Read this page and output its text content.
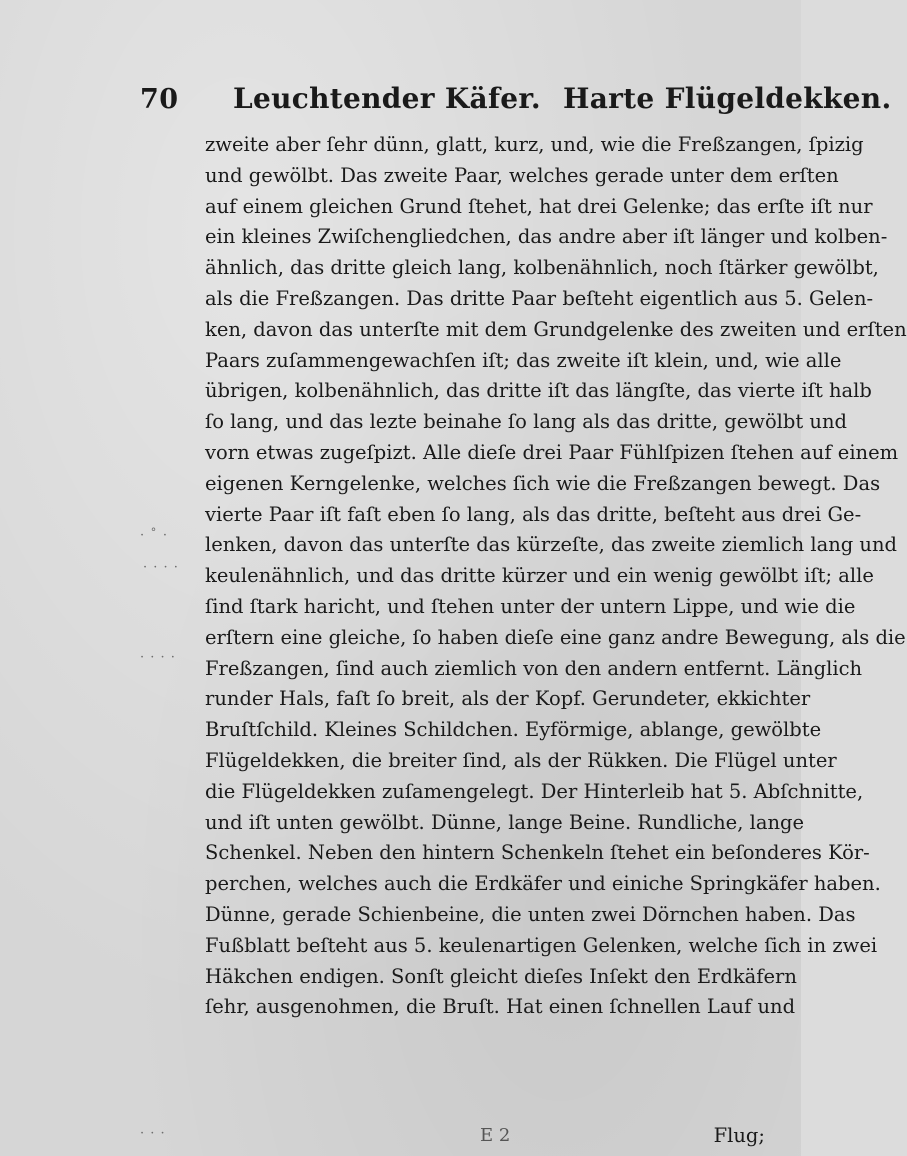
70 Leuchtender Käfer. Harte Flügeldekken.
zweite aber ſehr dünn, glatt, kurz, und, wie die Freßzangen, ſpizig
und gewölbt. Das zweite Paar, welches gerade unter dem erſten
auf einem gleichen Grund ſtehet, hat drei Gelenke; das erſte iſt nur
ein kleines Zwiſchengliedchen, das andre aber iſt länger und kolben-
ähnlich, das dritte gleich lang, kolbenähnlich, noch ſtärker gewölbt,
als die Freßzangen. Das dritte Paar beſteht eigentlich aus 5. Gelen-
ken, davon das unterſte mit dem Grundgelenke des zweiten und erſten
Paars zuſammengewachſen iſt; das zweite iſt klein, und, wie alle
übrigen, kolbenähnlich, das dritte iſt das längſte, das vierte iſt halb
ſo lang, und das lezte beinahe ſo lang als das dritte, gewölbt und
vorn etwas zugeſpizt. Alle dieſe drei Paar Fühlſpizen ſtehen auf einem
eigenen Kerngelenke, welches ſich wie die Freßzangen bewegt. Das
vierte Paar iſt faſt eben ſo lang, als das dritte, beſteht aus drei Ge-
lenken, davon das unterſte das kürzeſte, das zweite ziemlich lang und
keulenähnlich, und das dritte kürzer und ein wenig gewölbt iſt; alle
ſind ſtark haricht, und ſtehen unter der untern Lippe, und wie die
erſtern eine gleiche, ſo haben dieſe eine ganz andre Bewegung, als die
Freßzangen, ſind auch ziemlich von den andern entfernt. Länglich
runder Hals, faſt ſo breit, als der Kopf. Gerundeter, ekkichter
Bruſtſchild. Kleines Schildchen. Eyförmige, ablange, gewölbte
Flügeldekken, die breiter ſind, als der Rükken. Die Flügel unter
die Flügeldekken zuſamengelegt. Der Hinterleib hat 5. Abſchnitte,
und iſt unten gewölbt. Dünne, lange Beine. Rundliche, lange
Schenkel. Neben den hintern Schenkeln ſtehet ein beſonderes Kör-
perchen, welches auch die Erdkäfer und einiche Springkäfer haben.
Dünne, gerade Schienbeine, die unten zwei Dörnchen haben. Das
Fußblatt beſteht aus 5. keulenartigen Gelenken, welche ſich in zwei
Häkchen endigen. Sonſt gleicht dieſes Inſekt den Erdkäfern
ſehr, ausgenohmen, die Bruſt. Hat einen ſchnellen Lauf und
E 2	Flug;
· ˚ ·
· · · ·
· · · ·
· · ·
